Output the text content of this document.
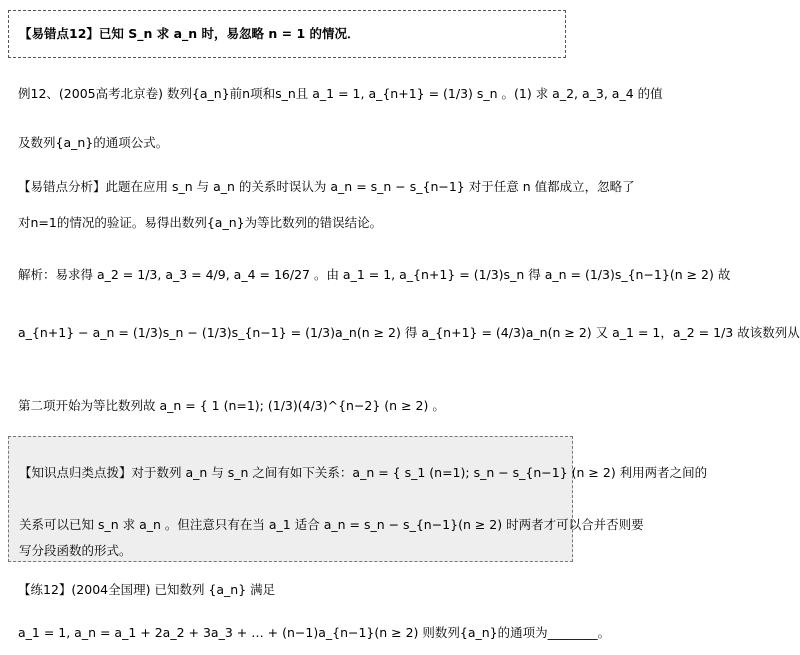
【易错点12】已知 S_n 求 a_n 时，易忽略 n = 1 的情况．
例12、(2005高考北京卷) 数列{a_n}前n项和s_n且 a_1 = 1, a_{n+1} = (1/3) s_n 。(1) 求 a_2, a_3, a_4 的值
及数列{a_n}的通项公式。
【易错点分析】此题在应用 s_n 与 a_n 的关系时误认为 a_n = s_n − s_{n−1} 对于任意 n 值都成立，忽略了
对n=1的情况的验证。易得出数列{a_n}为等比数列的错误结论。
解析：易求得 a_2 = 1/3, a_3 = 4/9, a_4 = 16/27 。由 a_1 = 1, a_{n+1} = (1/3)s_n 得 a_n = (1/3)s_{n−1}(n ≥ 2) 故
a_{n+1} − a_n = (1/3)s_n − (1/3)s_{n−1} = (1/3)a_n(n ≥ 2) 得 a_{n+1} = (4/3)a_n(n ≥ 2) 又 a_1 = 1，a_2 = 1/3 故该数列从
第二项开始为等比数列故 a_n = { 1 (n=1); (1/3)(4/3)^{n−2} (n ≥ 2) 。
【知识点归类点拨】对于数列 a_n 与 s_n 之间有如下关系：a_n = { s_1 (n=1); s_n − s_{n−1} (n ≥ 2) 利用两者之间的
关系可以已知 s_n 求 a_n 。但注意只有在当 a_1 适合 a_n = s_n − s_{n−1}(n ≥ 2) 时两者才可以合并否则要
写分段函数的形式。
【练12】(2004全国理) 已知数列 {a_n} 满足
a_1 = 1, a_n = a_1 + 2a_2 + 3a_3 + … + (n−1)a_{n−1}(n ≥ 2) 则数列{a_n}的通项为________。
